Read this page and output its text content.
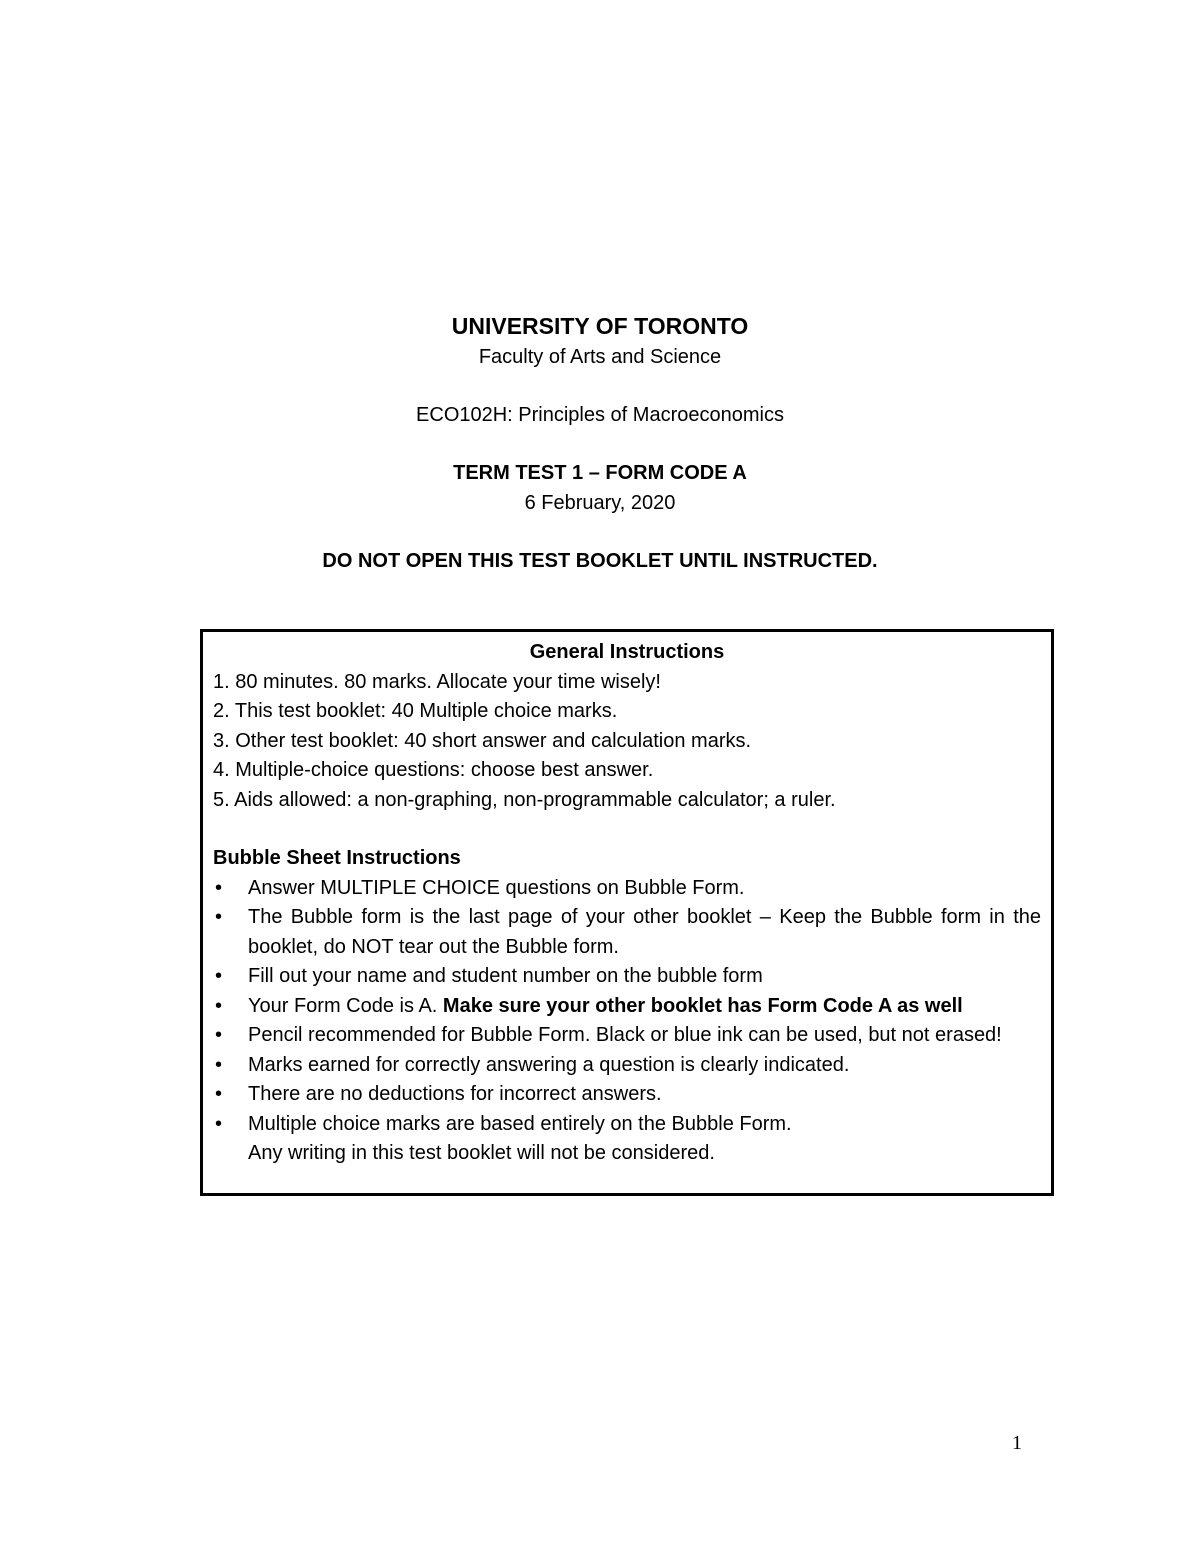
UNIVERSITY OF TORONTO

Faculty of Arts and Science

ECO102H: Principles of Macroeconomics

TERM TEST 1 – FORM CODE A

6 February, 2020

DO NOT OPEN THIS TEST BOOKLET UNTIL INSTRUCTED.

General Instructions
1. 80 minutes. 80 marks. Allocate your time wisely!
2. This test booklet: 40 Multiple choice marks.
3. Other test booklet: 40 short answer and calculation marks.
4. Multiple-choice questions: choose best answer.
5. Aids allowed: a non-graphing, non-programmable calculator; a ruler.
Bubble Sheet Instructions
• Answer MULTIPLE CHOICE questions on Bubble Form.
• The Bubble form is the last page of your other booklet – Keep the Bubble form in the booklet, do NOT tear out the Bubble form.
• Fill out your name and student number on the bubble form
• Your Form Code is A. Make sure your other booklet has Form Code A as well
• Pencil recommended for Bubble Form. Black or blue ink can be used, but not erased!
• Marks earned for correctly answering a question is clearly indicated.
• There are no deductions for incorrect answers.
• Multiple choice marks are based entirely on the Bubble Form.
Any writing in this test booklet will not be considered.
1
